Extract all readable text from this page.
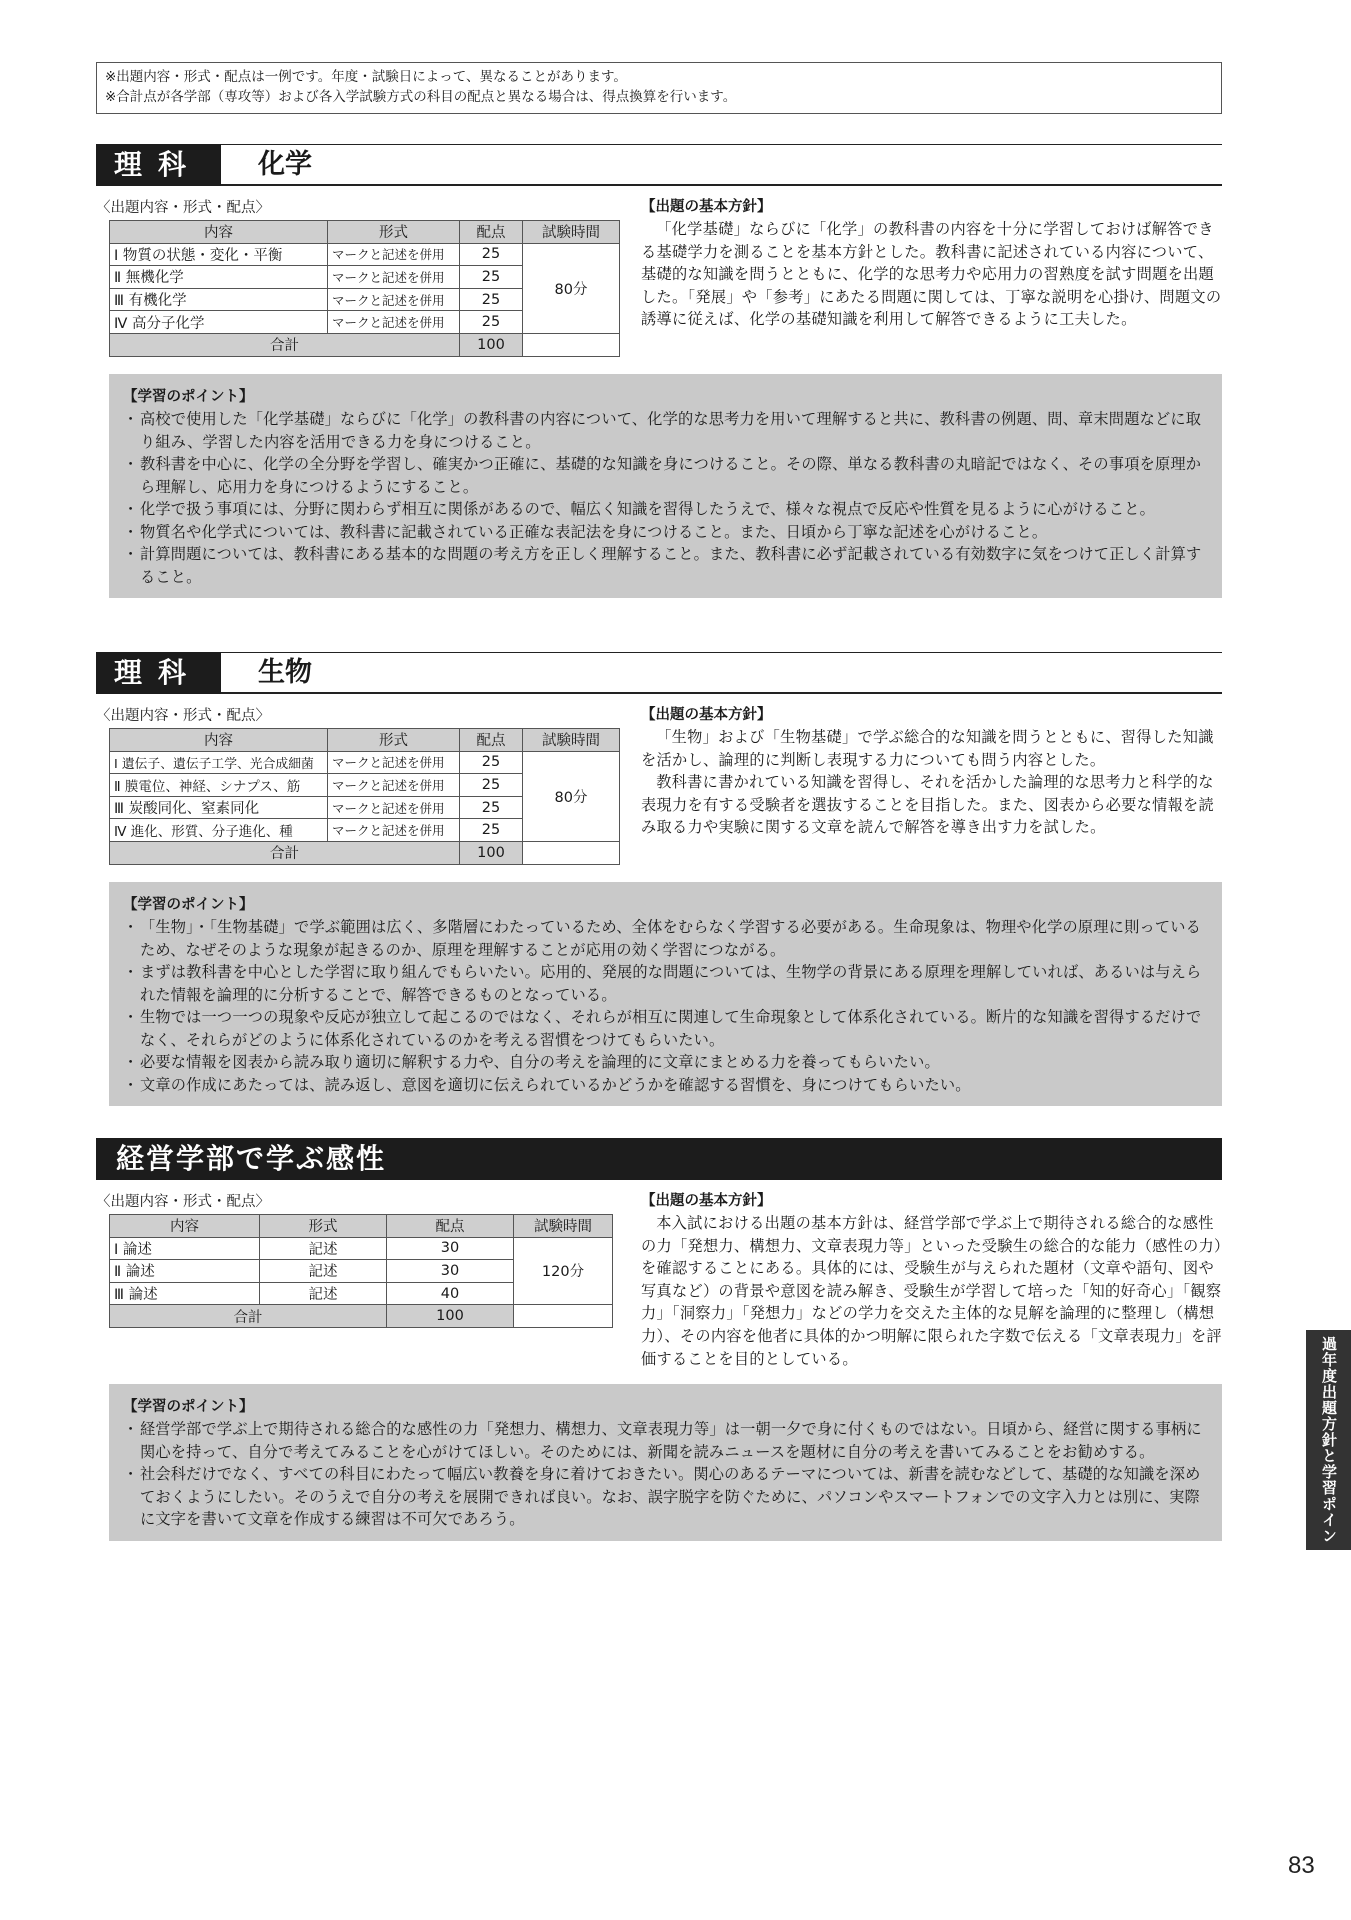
※出題内容・形式・配点は一例です。年度・試験日によって、異なることがあります。
※合計点が各学部（専攻等）および各入学試験方式の科目の配点と異なる場合は、得点換算を行います。
理科	化学
〈出題内容・形式・配点〉
内容	形式	配点	試験時間
Ⅰ 物質の状態・変化・平衡	マークと記述を併用	25	80分
Ⅱ 無機化学	マークと記述を併用	25	
Ⅲ 有機化学	マークと記述を併用	25	
Ⅳ 高分子化学	マークと記述を併用	25	
合計		100	
【出題の基本方針】

「化学基礎」ならびに「化学」の教科書の内容を十分に学習しておけば解答できる基礎学力を測ることを基本方針とした。教科書に記述されている内容について、基礎的な知識を問うとともに、化学的な思考力や応用力の習熟度を試す問題を出題した。「発展」や「参考」にあたる問題に関しては、丁寧な説明を心掛け、問題文の誘導に従えば、化学の基礎知識を利用して解答できるように工夫した。

【学習のポイント】
・ 高校で使用した「化学基礎」ならびに「化学」の教科書の内容について、化学的な思考力を用いて理解すると共に、教科書の例題、問、章末問題などに取り組み、学習した内容を活用できる力を身につけること。
・ 教科書を中心に、化学の全分野を学習し、確実かつ正確に、基礎的な知識を身につけること。その際、単なる教科書の丸暗記ではなく、その事項を原理から理解し、応用力を身につけるようにすること。
・ 化学で扱う事項には、分野に関わらず相互に関係があるので、幅広く知識を習得したうえで、様々な視点で反応や性質を見るように心がけること。
・ 物質名や化学式については、教科書に記載されている正確な表記法を身につけること。また、日頃から丁寧な記述を心がけること。
・ 計算問題については、教科書にある基本的な問題の考え方を正しく理解すること。また、教科書に必ず記載されている有効数字に気をつけて正しく計算すること。
理科	生物
〈出題内容・形式・配点〉
内容	形式	配点	試験時間
Ⅰ 遺伝子、遺伝子工学、光合成細菌	マークと記述を併用	25	80分
Ⅱ 膜電位、神経、シナプス、筋	マークと記述を併用	25	
Ⅲ 炭酸同化、窒素同化	マークと記述を併用	25	
Ⅳ 進化、形質、分子進化、種	マークと記述を併用	25	
合計		100	
【出題の基本方針】

「生物」および「生物基礎」で学ぶ総合的な知識を問うとともに、習得した知識を活かし、論理的に判断し表現する力についても問う内容とした。

教科書に書かれている知識を習得し、それを活かした論理的な思考力と科学的な表現力を有する受験者を選抜することを目指した。また、図表から必要な情報を読み取る力や実験に関する文章を読んで解答を導き出す力を試した。

【学習のポイント】
・ 「生物」・「生物基礎」で学ぶ範囲は広く、多階層にわたっているため、全体をむらなく学習する必要がある。生命現象は、物理や化学の原理に則っているため、なぜそのような現象が起きるのか、原理を理解することが応用の効く学習につながる。
・ まずは教科書を中心とした学習に取り組んでもらいたい。応用的、発展的な問題については、生物学の背景にある原理を理解していれば、あるいは与えられた情報を論理的に分析することで、解答できるものとなっている。
・ 生物では一つ一つの現象や反応が独立して起こるのではなく、それらが相互に関連して生命現象として体系化されている。断片的な知識を習得するだけでなく、それらがどのように体系化されているのかを考える習慣をつけてもらいたい。
・ 必要な情報を図表から読み取り適切に解釈する力や、自分の考えを論理的に文章にまとめる力を養ってもらいたい。
・ 文章の作成にあたっては、読み返し、意図を適切に伝えられているかどうかを確認する習慣を、身につけてもらいたい。
経営学部で学ぶ感性
〈出題内容・形式・配点〉
内容	形式	配点	試験時間
Ⅰ 論述	記述	30	120分
Ⅱ 論述	記述	30	
Ⅲ 論述	記述	40	
合計		100	
【出題の基本方針】

本入試における出題の基本方針は、経営学部で学ぶ上で期待される総合的な感性の力「発想力、構想力、文章表現力等」といった受験生の総合的な能力（感性の力）を確認することにある。具体的には、受験生が与えられた題材（文章や語句、図や写真など）の背景や意図を読み解き、受験生が学習して培った「知的好奇心」「観察力」「洞察力」「発想力」などの学力を交えた主体的な見解を論理的に整理し（構想力）、その内容を他者に具体的かつ明解に限られた字数で伝える「文章表現力」を評価することを目的としている。

【学習のポイント】
・ 経営学部で学ぶ上で期待される総合的な感性の力「発想力、構想力、文章表現力等」は一朝一夕で身に付くものではない。日頃から、経営に関する事柄に関心を持って、自分で考えてみることを心がけてほしい。そのためには、新聞を読みニュースを題材に自分の考えを書いてみることをお勧めする。
・ 社会科だけでなく、すべての科目にわたって幅広い教養を身に着けておきたい。関心のあるテーマについては、新書を読むなどして、基礎的な知識を深めておくようにしたい。そのうえで自分の考えを展開できれば良い。なお、誤字脱字を防ぐために、パソコンやスマートフォンでの文字入力とは別に、実際に文字を書いて文章を作成する練習は不可欠であろう。	過年度出題方針と学習ポイント
83
